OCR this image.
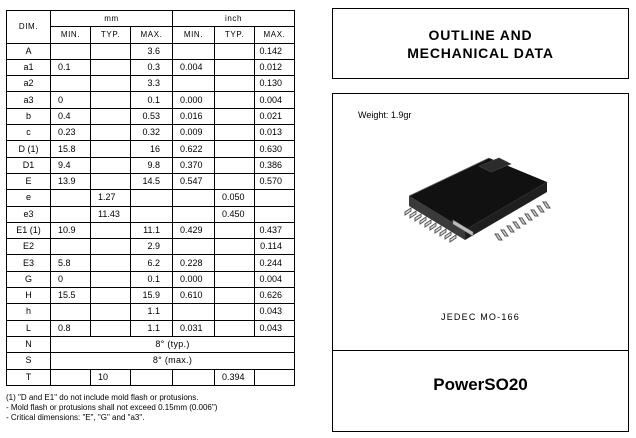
DIM.	mm			inch		
	MIN.	TYP.	MAX.	MIN.	TYP.	MAX.
A			3.6			0.142
a1	0.1		0.3	0.004		0.012
a2			3.3			0.130
a3	0		0.1	0.000		0.004
b	0.4		0.53	0.016		0.021
c	0.23		0.32	0.009		0.013
D (1)	15.8		16	0.622		0.630
D1	9.4		9.8	0.370		0.386
E	13.9		14.5	0.547		0.570
e		1.27			0.050	
e3		11.43			0.450	
E1 (1)	10.9		11.1	0.429		0.437
E2			2.9			0.114
E3	5.8		6.2	0.228		0.244
G	0		0.1	0.000		0.004
H	15.5		15.9	0.610		0.626
h			1.1			0.043
L	0.8		1.1	0.031		0.043
N	8° (typ.)					
S	8° (max.)					
T		10			0.394	
(1) "D and E1" do not include mold flash or protusions.
- Mold flash or protusions shall not exceed 0.15mm (0.006")
- Critical dimensions: "E", "G" and "a3".
OUTLINE AND
MECHANICAL DATA
Weight: 1.9gr
JEDEC MO-166
PowerSO20
